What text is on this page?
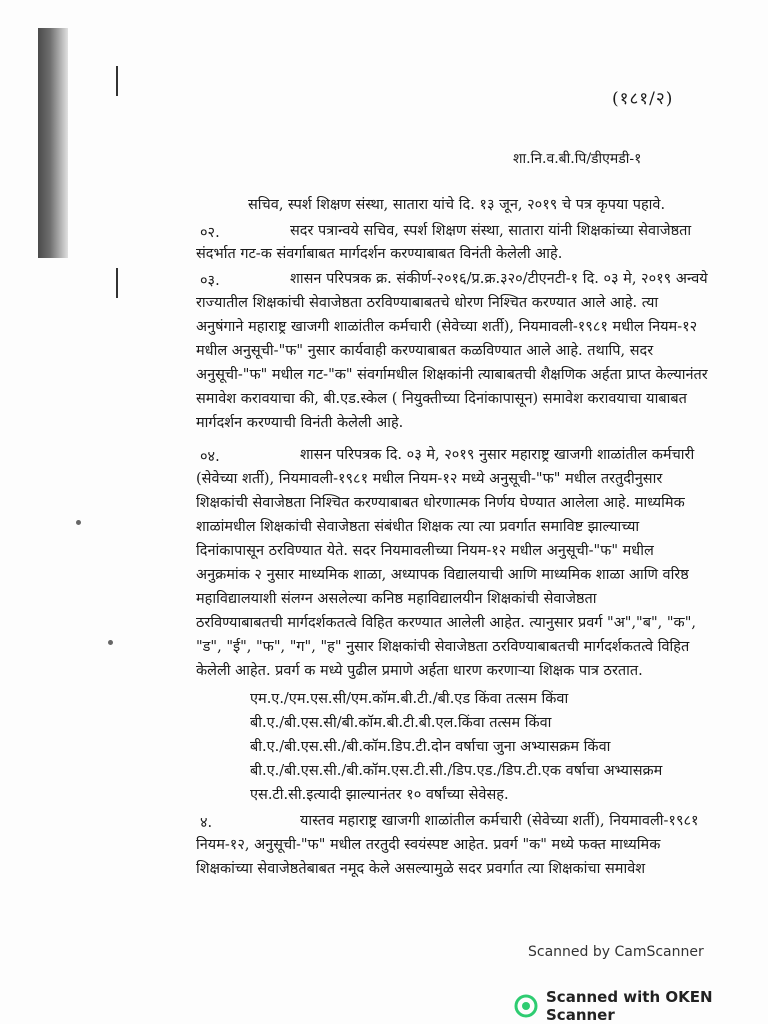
(१८१/२)
शा.नि.व.बी.पि/डीएमडी-१
सचिव, स्पर्श शिक्षण संस्था, सातारा यांचे दि. १३ जून, २०१९ चे पत्र कृपया पहावे.
०२.	सदर पत्रान्वये सचिव, स्पर्श शिक्षण संस्था, सातारा यांनी शिक्षकांच्या सेवाजेष्ठता
संदर्भात गट-क संवर्गाबाबत मार्गदर्शन करण्याबाबत विनंती केलेली आहे.
०३.	शासन परिपत्रक क्र. संकीर्ण-२०१६/प्र.क्र.३२०/टीएनटी-१ दि. ०३ मे, २०१९ अन्वये
राज्यातील शिक्षकांची सेवाजेष्ठता ठरविण्याबाबतचे धोरण निश्चित करण्यात आले आहे. त्या
अनुषंगाने महाराष्ट्र खाजगी शाळांतील कर्मचारी (सेवेच्या शर्ती), नियमावली-१९८१ मधील नियम-१२
मधील अनुसूची-"फ" नुसार कार्यवाही करण्याबाबत कळविण्यात आले आहे. तथापि, सदर
अनुसूची-"फ" मधील गट-"क" संवर्गामधील शिक्षकांनी त्याबाबतची शैक्षणिक अर्हता प्राप्त केल्यानंतर
समावेश करावयाचा की, बी.एड.स्केल ( नियुक्तीच्या दिनांकापासून) समावेश करावयाचा याबाबत
मार्गदर्शन करण्याची विनंती केलेली आहे.
०४.	शासन परिपत्रक दि. ०३ मे, २०१९ नुसार महाराष्ट्र खाजगी शाळांतील कर्मचारी
(सेवेच्या शर्ती), नियमावली-१९८१ मधील नियम-१२ मध्ये अनुसूची-"फ" मधील तरतुदीनुसार
शिक्षकांची सेवाजेष्ठता निश्चित करण्याबाबत धोरणात्मक निर्णय घेण्यात आलेला आहे. माध्यमिक
शाळांमधील शिक्षकांची सेवाजेष्ठता संबंधीत शिक्षक त्या त्या प्रवर्गात समाविष्ट झाल्याच्या
दिनांकापासून ठरविण्यात येते. सदर नियमावलीच्या नियम-१२ मधील अनुसूची-"फ" मधील
अनुक्रमांक २ नुसार माध्यमिक शाळा, अध्यापक विद्यालयाची आणि माध्यमिक शाळा आणि वरिष्ठ
महाविद्यालयाशी संलग्न असलेल्या कनिष्ठ महाविद्यालयीन शिक्षकांची सेवाजेष्ठता
ठरविण्याबाबतची मार्गदर्शकतत्वे विहित करण्यात आलेली आहेत. त्यानुसार प्रवर्ग "अ","ब", "क",
"ड", "ई", "फ", "ग", "ह" नुसार शिक्षकांची सेवाजेष्ठता ठरविण्याबाबतची मार्गदर्शकतत्वे विहित
केलेली आहेत. प्रवर्ग क मध्ये पुढील प्रमाणे अर्हता धारण करणाऱ्या शिक्षक पात्र ठरतात.
एम.ए./एम.एस.सी/एम.कॉम.बी.टी./बी.एड किंवा तत्सम किंवा
बी.ए./बी.एस.सी/बी.कॉम.बी.टी.बी.एल.किंवा तत्सम किंवा
बी.ए./बी.एस.सी./बी.कॉम.डिप.टी.दोन वर्षाचा जुना अभ्यासक्रम किंवा
बी.ए./बी.एस.सी./बी.कॉम.एस.टी.सी./डिप.एड./डिप.टी.एक वर्षाचा अभ्यासक्रम
एस.टी.सी.इत्यादी झाल्यानंतर १० वर्षांच्या सेवेसह.
४.	यास्तव महाराष्ट्र खाजगी शाळांतील कर्मचारी (सेवेच्या शर्ती), नियमावली-१९८१
नियम-१२, अनुसूची-"फ" मधील तरतुदी स्वयंस्पष्ट आहेत. प्रवर्ग "क" मध्ये फक्त माध्यमिक
शिक्षकांच्या सेवाजेष्ठतेबाबत नमूद केले असल्यामुळे सदर प्रवर्गात त्या शिक्षकांचा समावेश
Scanned by CamScanner
Scanned with OKEN Scanner
